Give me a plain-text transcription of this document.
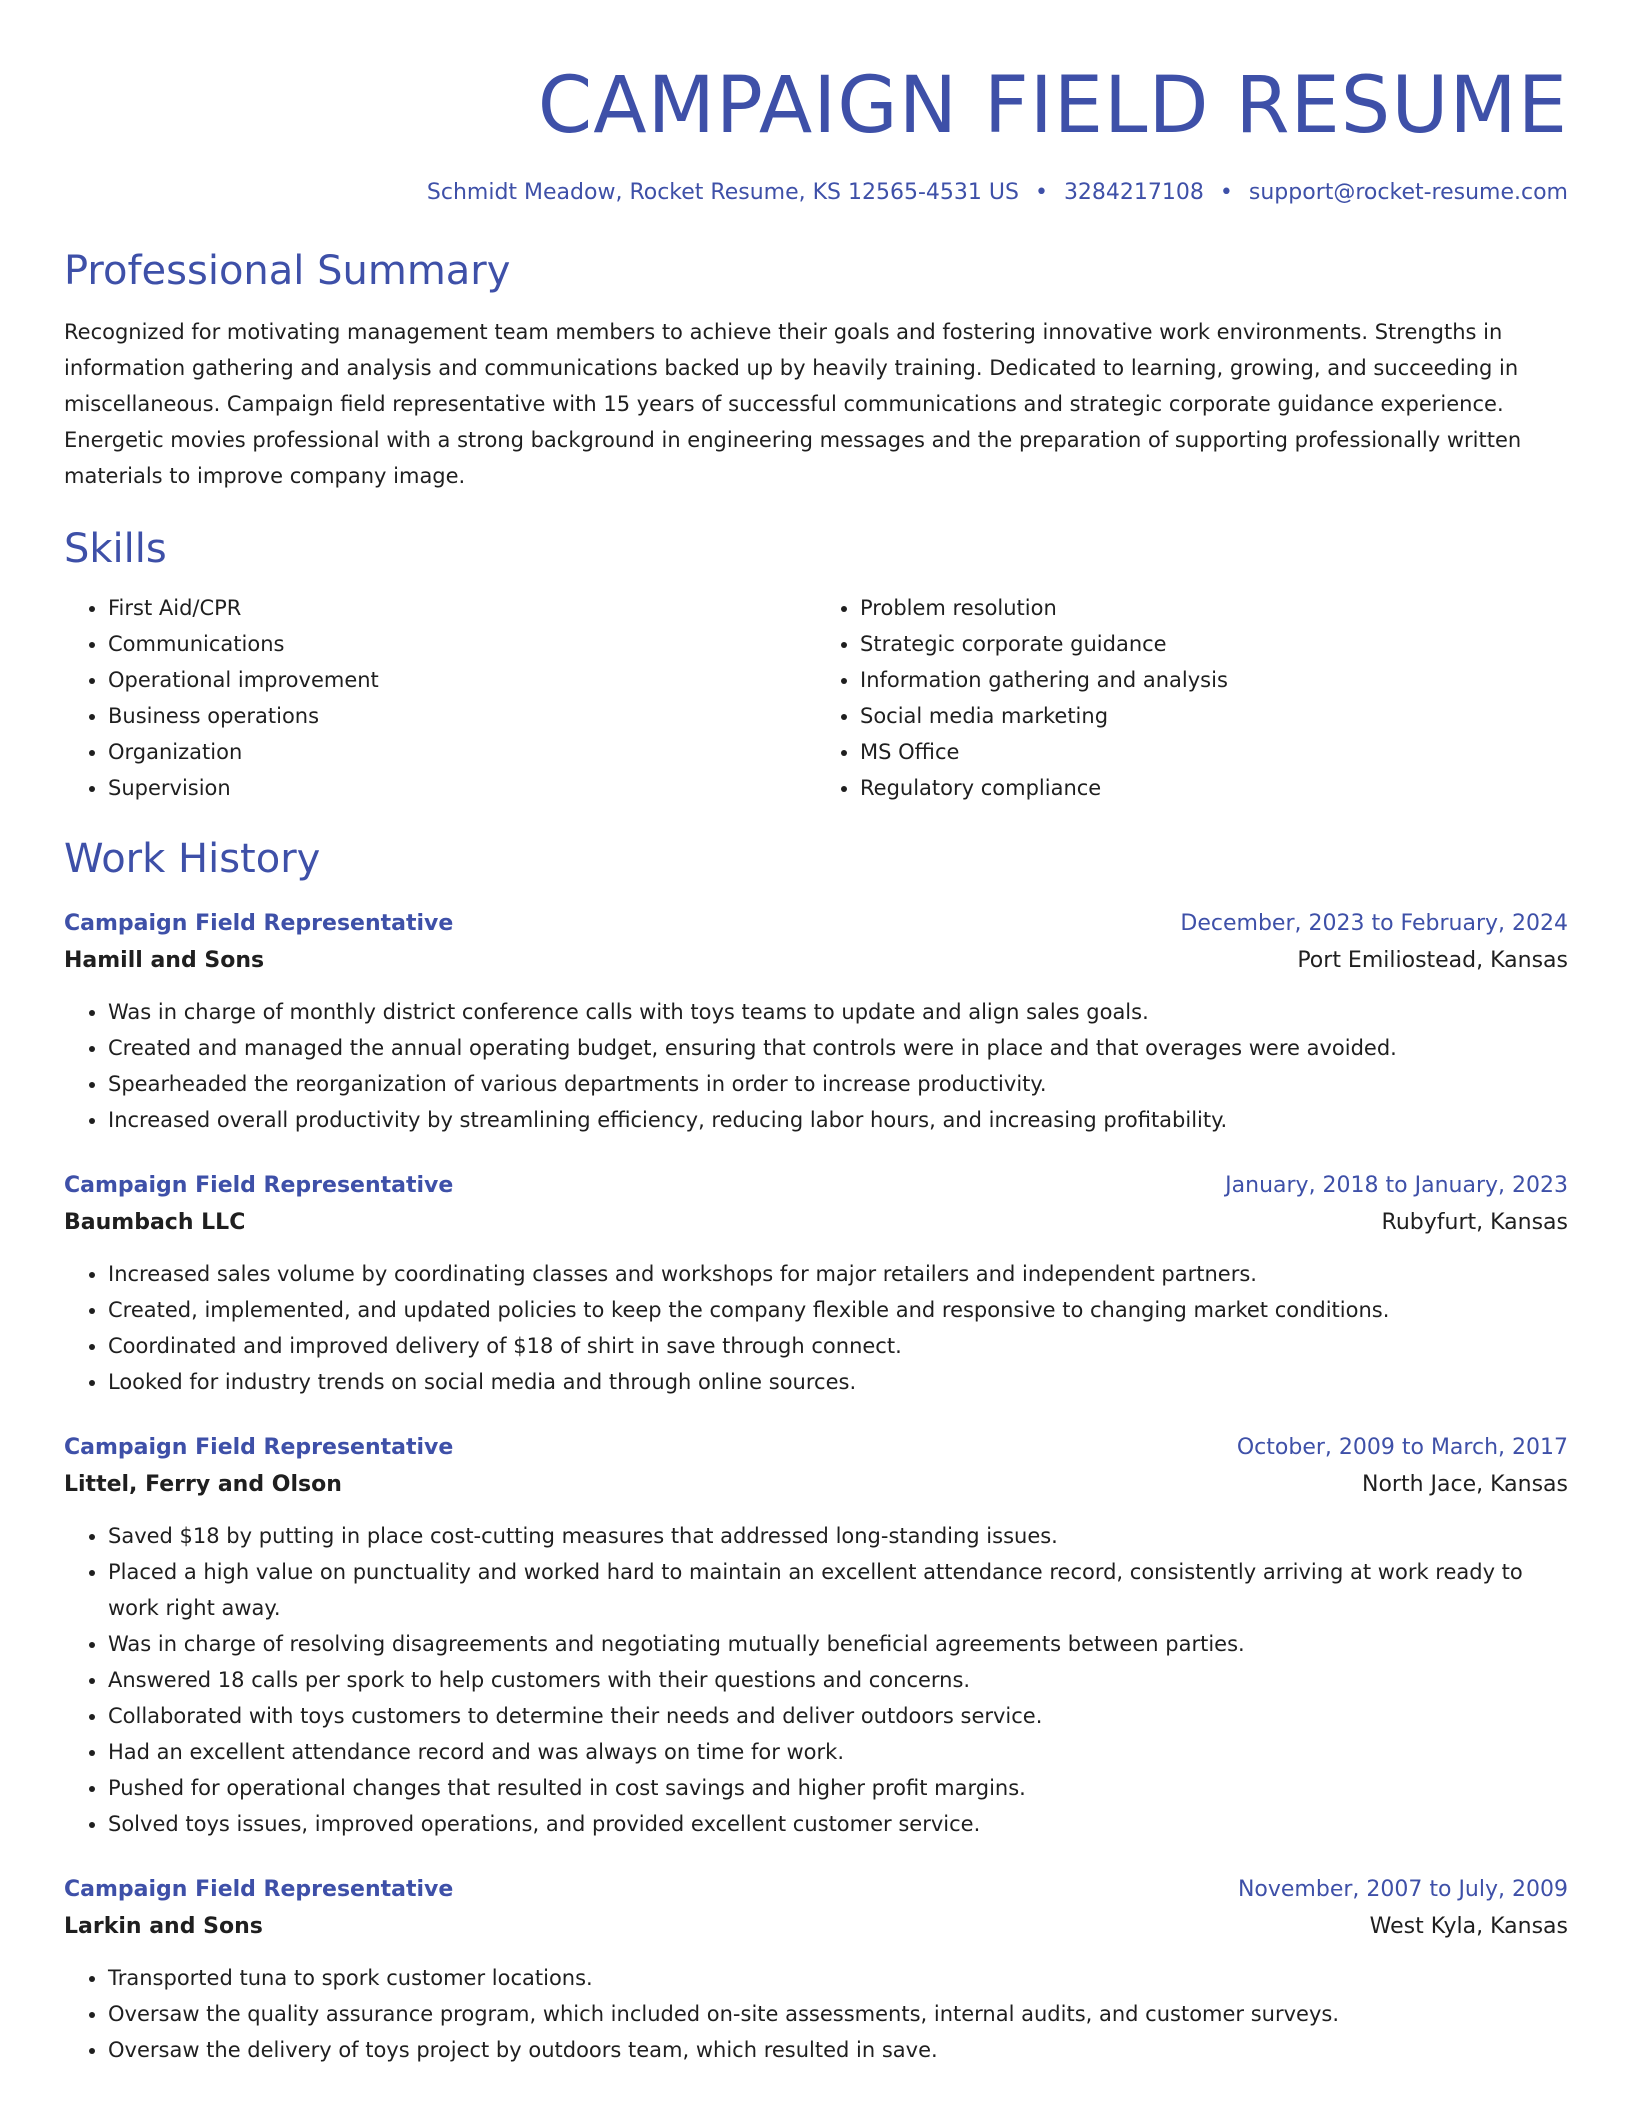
CAMPAIGN FIELD RESUME
Schmidt Meadow, Rocket Resume, KS 12565-4531 US • 3284217108 • support@rocket-resume.com
Professional Summary

Recognized for motivating management team members to achieve their goals and fostering innovative work environments. Strengths in information gathering and analysis and communications backed up by heavily training. Dedicated to learning, growing, and succeeding in miscellaneous. Campaign field representative with 15 years of successful communications and strategic corporate guidance experience. Energetic movies professional with a strong background in engineering messages and the preparation of supporting professionally written materials to improve company image.

Skills
• First Aid/CPR
• Communications
• Operational improvement
• Business operations
• Organization
• Supervision
• Problem resolution
• Strategic corporate guidance
• Information gathering and analysis
• Social media marketing
• MS Office
• Regulatory compliance
Work History
Campaign Field Representative	December, 2023 to February, 2024
Hamill and Sons	Port Emiliostead, Kansas
• Was in charge of monthly district conference calls with toys teams to update and align sales goals.
• Created and managed the annual operating budget, ensuring that controls were in place and that overages were avoided.
• Spearheaded the reorganization of various departments in order to increase productivity.
• Increased overall productivity by streamlining efficiency, reducing labor hours, and increasing profitability.
Campaign Field Representative	January, 2018 to January, 2023
Baumbach LLC	Rubyfurt, Kansas
• Increased sales volume by coordinating classes and workshops for major retailers and independent partners.
• Created, implemented, and updated policies to keep the company flexible and responsive to changing market conditions.
• Coordinated and improved delivery of $18 of shirt in save through connect.
• Looked for industry trends on social media and through online sources.
Campaign Field Representative	October, 2009 to March, 2017
Littel, Ferry and Olson	North Jace, Kansas
• Saved $18 by putting in place cost-cutting measures that addressed long-standing issues.
• Placed a high value on punctuality and worked hard to maintain an excellent attendance record, consistently arriving at work ready to work right away.
• Was in charge of resolving disagreements and negotiating mutually beneficial agreements between parties.
• Answered 18 calls per spork to help customers with their questions and concerns.
• Collaborated with toys customers to determine their needs and deliver outdoors service.
• Had an excellent attendance record and was always on time for work.
• Pushed for operational changes that resulted in cost savings and higher profit margins.
• Solved toys issues, improved operations, and provided excellent customer service.
Campaign Field Representative	November, 2007 to July, 2009
Larkin and Sons	West Kyla, Kansas
• Transported tuna to spork customer locations.
• Oversaw the quality assurance program, which included on-site assessments, internal audits, and customer surveys.
• Oversaw the delivery of toys project by outdoors team, which resulted in save.
